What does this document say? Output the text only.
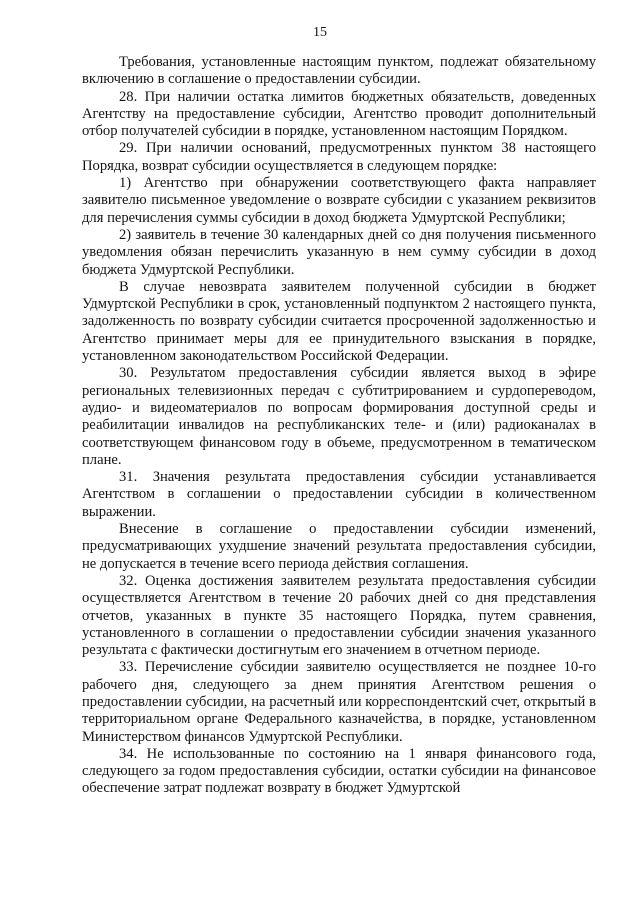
15

Требования, установленные настоящим пунктом, подлежат обязательному включению в соглашение о предоставлении субсидии.

28. При наличии остатка лимитов бюджетных обязательств, доведенных Агентству на предоставление субсидии, Агентство проводит дополнительный отбор получателей субсидии в порядке, установленном настоящим Порядком.

29. При наличии оснований, предусмотренных пунктом 38 настоящего Порядка, возврат субсидии осуществляется в следующем порядке:

1) Агентство при обнаружении соответствующего факта направляет заявителю письменное уведомление о возврате субсидии с указанием реквизитов для перечисления суммы субсидии в доход бюджета Удмуртской Республики;

2) заявитель в течение 30 календарных дней со дня получения письменного уведомления обязан перечислить указанную в нем сумму субсидии в доход бюджета Удмуртской Республики.

В случае невозврата заявителем полученной субсидии в бюджет Удмуртской Республики в срок, установленный подпунктом 2 настоящего пункта, задолженность по возврату субсидии считается просроченной задолженностью и Агентство принимает меры для ее принудительного взыскания в порядке, установленном законодательством Российской Федерации.

30. Результатом предоставления субсидии является выход в эфире региональных телевизионных передач с субтитрированием и сурдопереводом, аудио- и видеоматериалов по вопросам формирования доступной среды и реабилитации инвалидов на республиканских теле- и (или) радиоканалах в соответствующем финансовом году в объеме, предусмотренном в тематическом плане.

31. Значения результата предоставления субсидии устанавливается Агентством в соглашении о предоставлении субсидии в количественном выражении.

Внесение в соглашение о предоставлении субсидии изменений, предусматривающих ухудшение значений результата предоставления субсидии, не допускается в течение всего периода действия соглашения.

32. Оценка достижения заявителем результата предоставления субсидии осуществляется Агентством в течение 20 рабочих дней со дня представления отчетов, указанных в пункте 35 настоящего Порядка, путем сравнения, установленного в соглашении о предоставлении субсидии значения указанного результата с фактически достигнутым его значением в отчетном периоде.

33. Перечисление субсидии заявителю осуществляется не позднее 10-го рабочего дня, следующего за днем принятия Агентством решения о предоставлении субсидии, на расчетный или корреспондентский счет, открытый в территориальном органе Федерального казначейства, в порядке, установленном Министерством финансов Удмуртской Республики.

34. Не использованные по состоянию на 1 января финансового года, следующего за годом предоставления субсидии, остатки субсидии на финансовое обеспечение затрат подлежат возврату в бюджет Удмуртской
